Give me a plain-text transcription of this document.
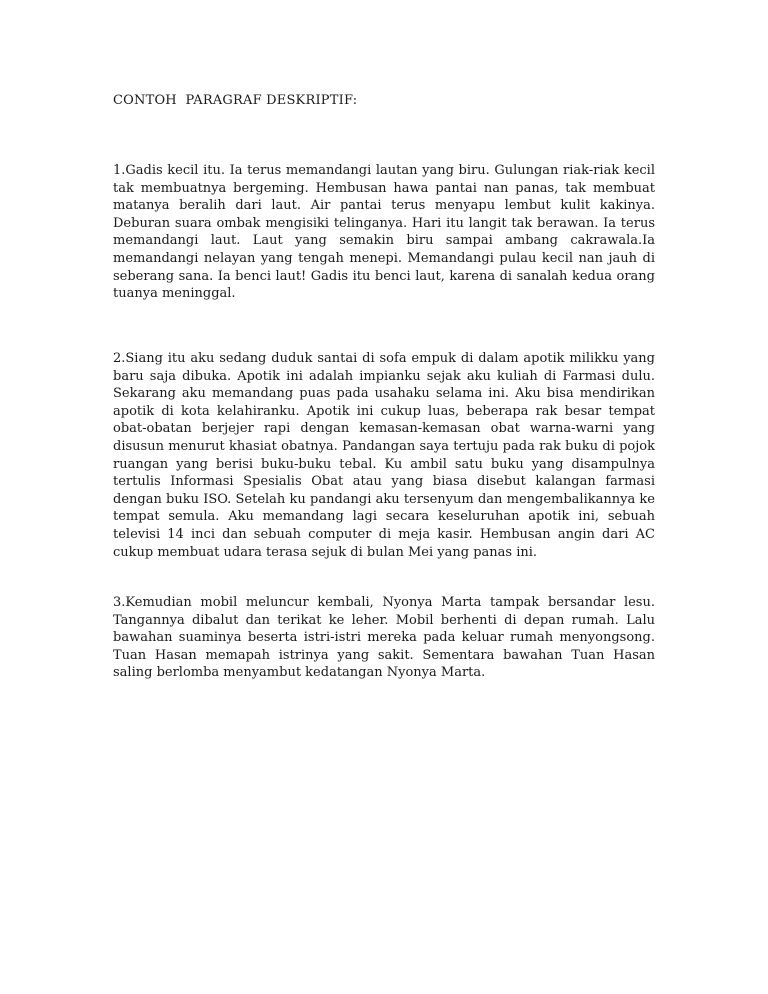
CONTOH  PARAGRAF DESKRIPTIF:

1.Gadis kecil itu. Ia terus memandangi lautan yang biru. Gulungan riak-riak kecil tak membuatnya bergeming. Hembusan hawa pantai nan panas, tak membuat matanya beralih dari laut. Air pantai terus menyapu lembut kulit kakinya. Deburan suara ombak mengisiki telinganya. Hari itu langit tak berawan. Ia terus memandangi laut. Laut yang semakin biru sampai ambang cakrawala.Ia memandangi nelayan yang tengah menepi. Memandangi pulau kecil nan jauh di seberang sana. Ia benci laut! Gadis itu benci laut, karena di sanalah kedua orang tuanya meninggal.

2.Siang itu aku sedang duduk santai di sofa empuk di dalam apotik milikku yang baru saja dibuka. Apotik ini adalah impianku sejak aku kuliah di Farmasi dulu. Sekarang aku memandang puas pada usahaku selama ini. Aku bisa mendirikan apotik di kota kelahiranku. Apotik ini cukup luas, beberapa rak besar tempat obat-obatan berjejer rapi dengan kemasan-kemasan obat warna-warni yang disusun menurut khasiat obatnya. Pandangan saya tertuju pada rak buku di pojok ruangan yang berisi buku-buku tebal. Ku ambil satu buku yang disampulnya tertulis Informasi Spesialis Obat atau yang biasa disebut kalangan farmasi dengan buku ISO. Setelah ku pandangi aku tersenyum dan mengembalikannya ke tempat semula. Aku memandang lagi secara keseluruhan apotik ini, sebuah televisi 14 inci dan sebuah computer di meja kasir. Hembusan angin dari AC cukup membuat udara terasa sejuk di bulan Mei yang panas ini.

3.Kemudian mobil meluncur kembali, Nyonya Marta tampak bersandar lesu. Tangannya dibalut dan terikat ke leher. Mobil berhenti di depan rumah. Lalu bawahan suaminya beserta istri-istri mereka pada keluar rumah menyongsong. Tuan Hasan memapah istrinya yang sakit. Sementara bawahan Tuan Hasan saling berlomba menyambut kedatangan Nyonya Marta.
